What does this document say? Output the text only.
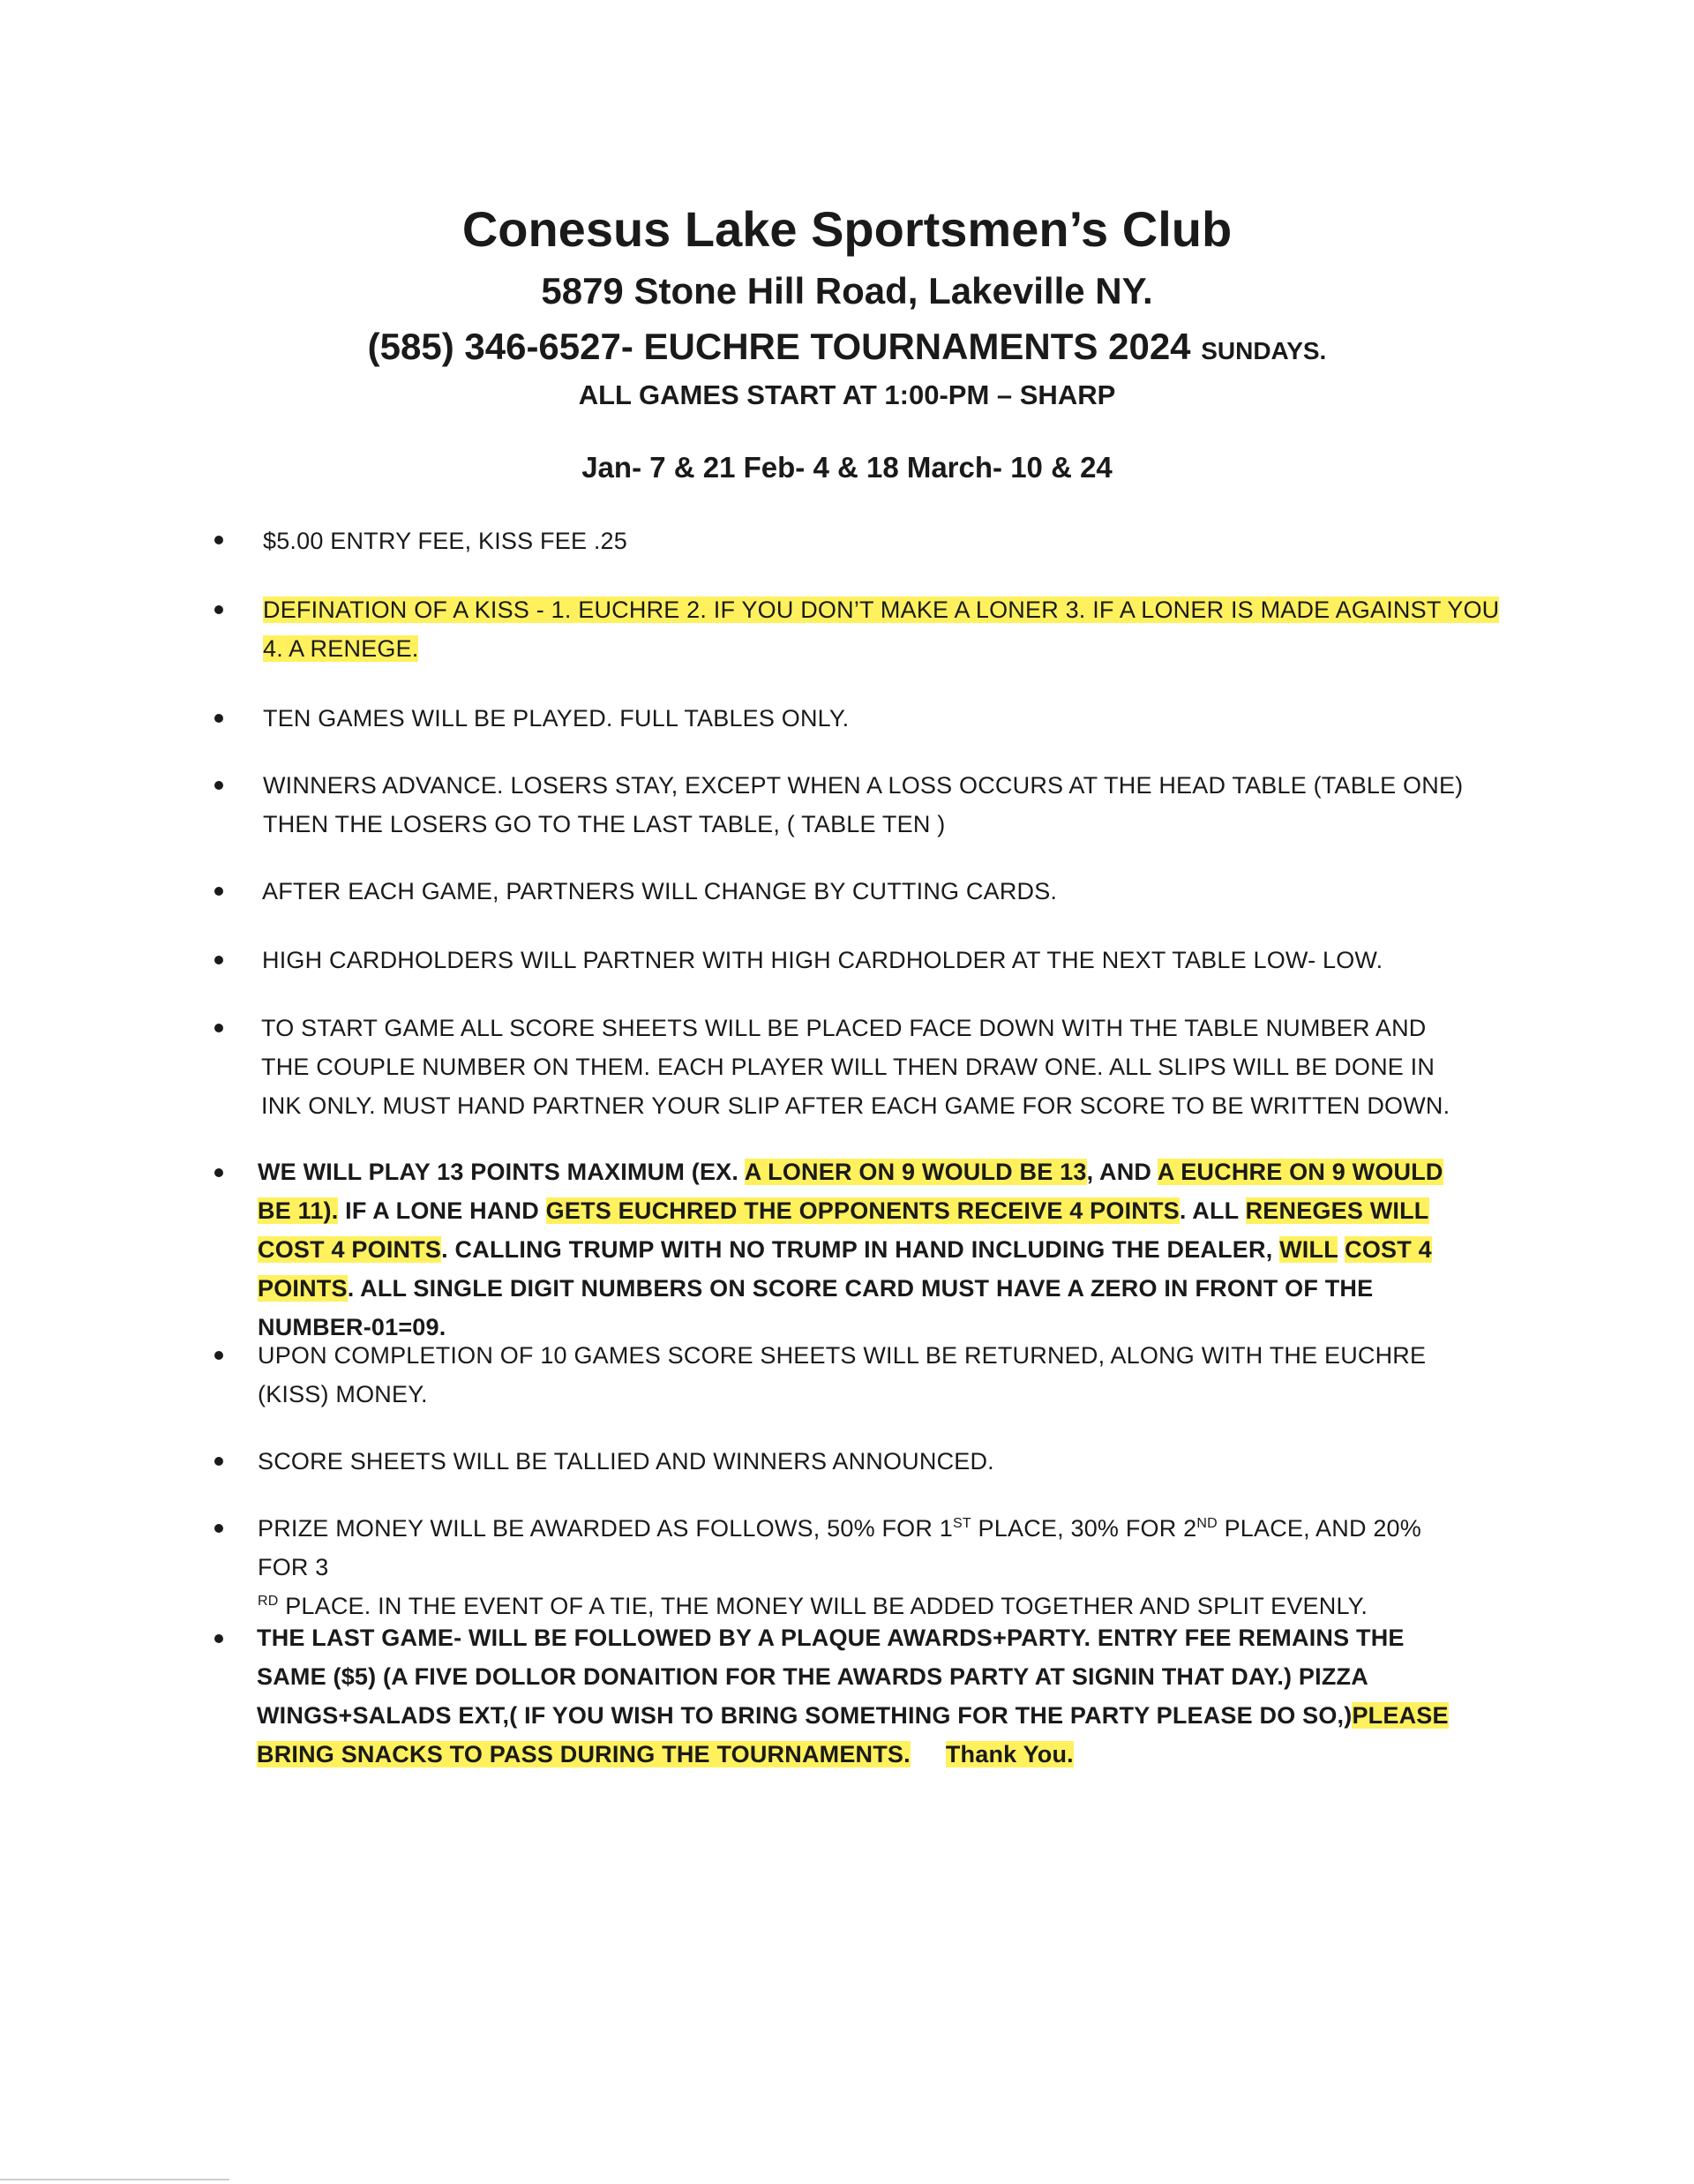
Conesus Lake Sportsmen’s Club
5879 Stone Hill Road, Lakeville NY.
(585) 346-6527- EUCHRE TOURNAMENTS 2024 SUNDAYS.
ALL GAMES START AT 1:00-PM – SHARP
Jan- 7 & 21 Feb- 4 & 18 March- 10 & 24
$5.00 ENTRY FEE, KISS FEE .25
DEFINATION OF A KISS - 1. EUCHRE 2. IF YOU DON’T MAKE A LONER 3. IF A LONER IS MADE AGAINST YOU
4. A RENEGE.
TEN GAMES WILL BE PLAYED. FULL TABLES ONLY.
WINNERS ADVANCE. LOSERS STAY, EXCEPT WHEN A LOSS OCCURS AT THE HEAD TABLE (TABLE ONE) THEN THE LOSERS GO TO THE LAST TABLE, ( TABLE TEN )
AFTER EACH GAME, PARTNERS WILL CHANGE BY CUTTING CARDS.
HIGH CARDHOLDERS WILL PARTNER WITH HIGH CARDHOLDER AT THE NEXT TABLE LOW- LOW.
TO START GAME ALL SCORE SHEETS WILL BE PLACED FACE DOWN WITH THE TABLE NUMBER AND THE COUPLE NUMBER ON THEM. EACH PLAYER WILL THEN DRAW ONE. ALL SLIPS WILL BE DONE IN INK ONLY. MUST HAND PARTNER YOUR SLIP AFTER EACH GAME FOR SCORE TO BE WRITTEN DOWN.
WE WILL PLAY 13 POINTS MAXIMUM (EX. A LONER ON 9 WOULD BE 13, AND A EUCHRE ON 9 WOULD BE 11). IF A LONE HAND GETS EUCHRED THE OPPONENTS RECEIVE 4 POINTS. ALL RENEGES WILL COST 4 POINTS. CALLING TRUMP WITH NO TRUMP IN HAND INCLUDING THE DEALER, WILL COST 4 POINTS. ALL SINGLE DIGIT NUMBERS ON SCORE CARD MUST HAVE A ZERO IN FRONT OF THE NUMBER-01=09.
UPON COMPLETION OF 10 GAMES SCORE SHEETS WILL BE RETURNED, ALONG WITH THE EUCHRE (KISS) MONEY.
SCORE SHEETS WILL BE TALLIED AND WINNERS ANNOUNCED.
PRIZE MONEY WILL BE AWARDED AS FOLLOWS, 50% FOR 1ST PLACE, 30% FOR 2ND PLACE, AND 20% FOR 3
$^{RD}$ PLACE. IN THE EVENT OF A TIE, THE MONEY WILL BE ADDED TOGETHER AND SPLIT EVENLY.
THE LAST GAME- WILL BE FOLLOWED BY A PLAQUE AWARDS+PARTY. ENTRY FEE REMAINS THE SAME ($5) (A FIVE DOLLOR DONAITION FOR THE AWARDS PARTY AT SIGNIN THAT DAY.) PIZZA WINGS+SALADS EXT,( IF YOU WISH TO BRING SOMETHING FOR THE PARTY PLEASE DO SO,)PLEASE BRING SNACKS TO PASS DURING THE TOURNAMENTS. Thank You.
